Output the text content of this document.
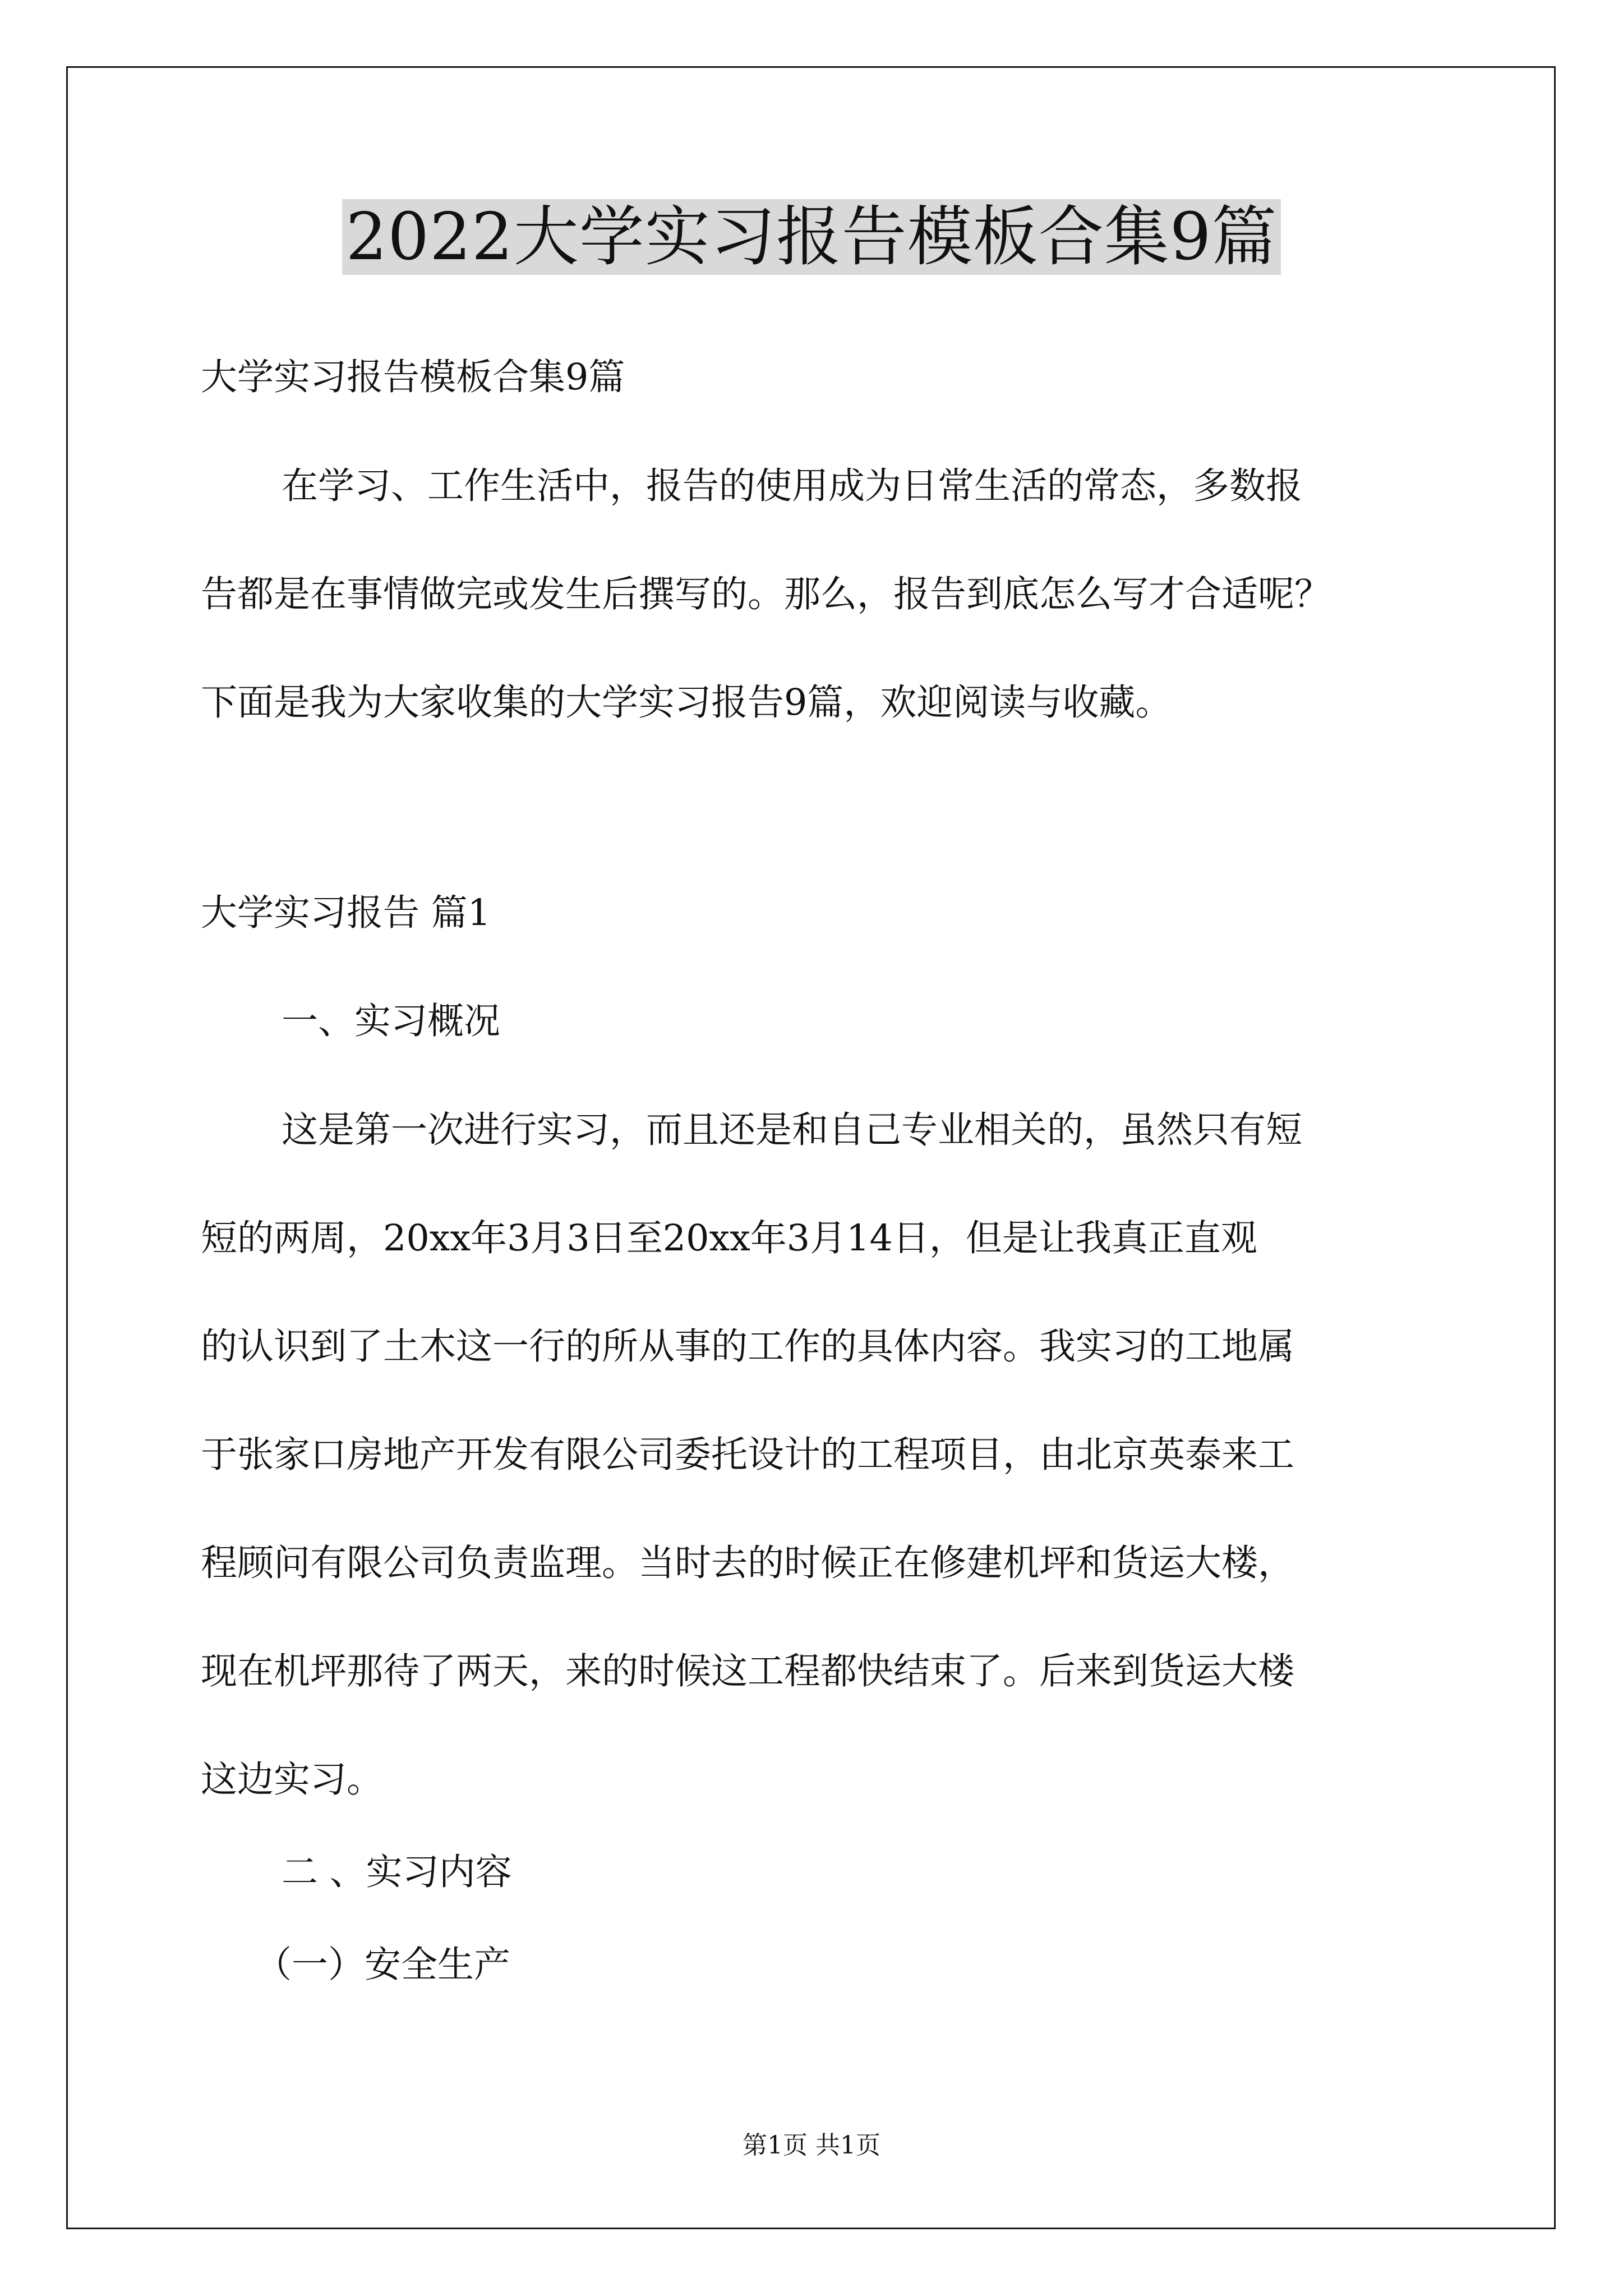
2022大学实习报告模板合集9篇
大学实习报告模板合集9篇
在学习、工作生活中，报告的使用成为日常生活的常态，多数报
告都是在事情做完或发生后撰写的。那么，报告到底怎么写才合适呢？
下面是我为大家收集的大学实习报告9篇，欢迎阅读与收藏。
大学实习报告 篇1
一、实习概况
这是第一次进行实习，而且还是和自己专业相关的，虽然只有短
短的两周，20xx年3月3日至20xx年3月14日，但是让我真正直观
的认识到了土木这一行的所从事的工作的具体内容。我实习的工地属
于张家口房地产开发有限公司委托设计的工程项目，由北京英泰来工
程顾问有限公司负责监理。当时去的时候正在修建机坪和货运大楼，
现在机坪那待了两天，来的时候这工程都快结束了。后来到货运大楼
这边实习。
二 、实习内容
（一）安全生产
第1页 共1页
